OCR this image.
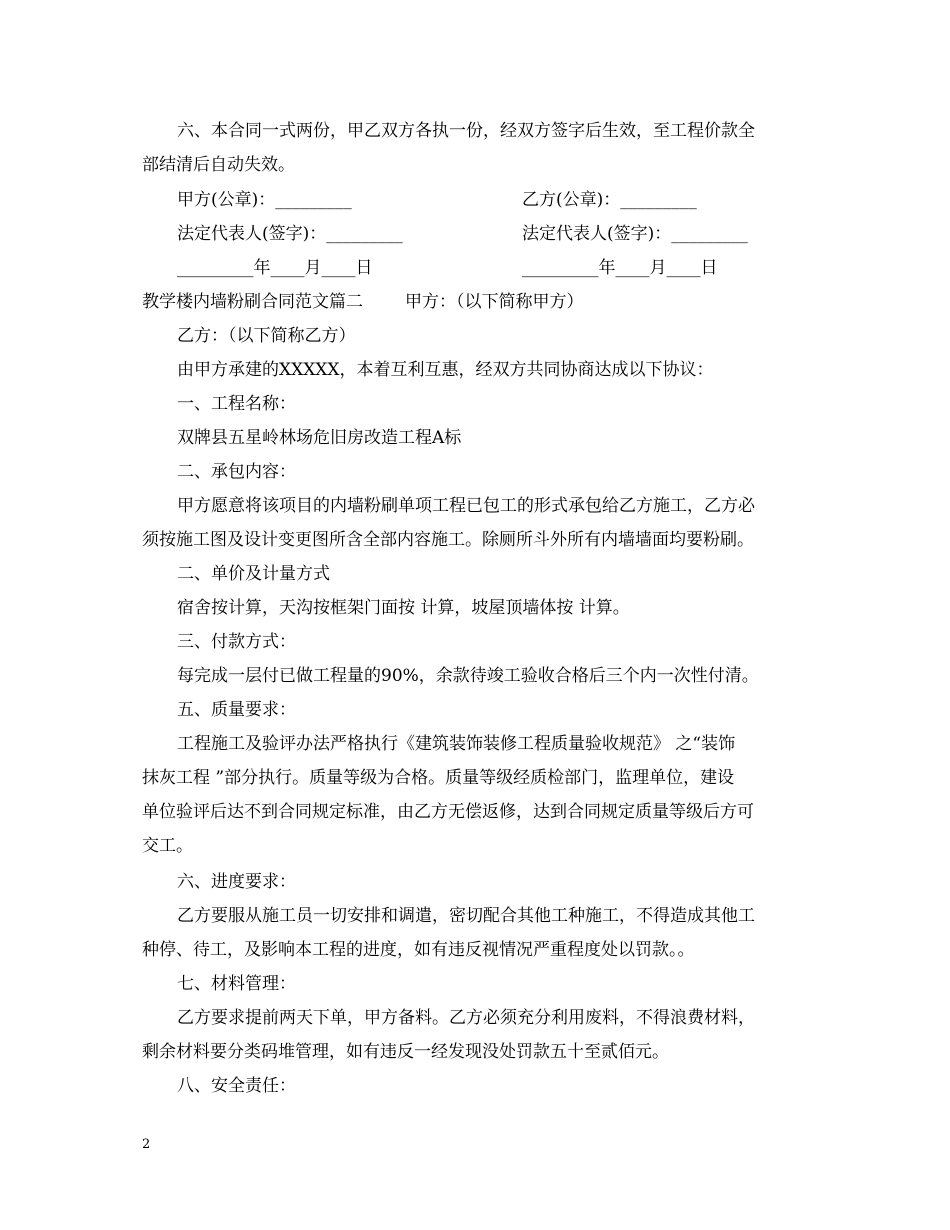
六、本合同一式两份，甲乙双方各执一份，经双方签字后生效，至工程价款全
部结清后自动失效。
甲方(公章)：_________	乙方(公章)：_________
法定代表人(签字)：_________	法定代表人(签字)：_________
_________年____月____日	_________年____月____日
教学楼内墙粉刷合同范文篇二 甲方：（以下简称甲方）
乙方：（以下简称乙方）
由甲方承建的XXXXX，本着互利互惠，经双方共同协商达成以下协议：
一、工程名称：
双牌县五星岭林场危旧房改造工程A标
二、承包内容：
甲方愿意将该项目的内墙粉刷单项工程已包工的形式承包给乙方施工，乙方必
须按施工图及设计变更图所含全部内容施工。除厕所斗外所有内墙墙面均要粉刷。
二、单价及计量方式
宿舍按计算，天沟按框架门面按 计算，坡屋顶墙体按 计算。
三、付款方式：
每完成一层付已做工程量的90%，余款待竣工验收合格后三个内一次性付清。
五、质量要求：
工程施工及验评办法严格执行《建筑装饰装修工程质量验收规范》 之“装饰
抹灰工程 ”部分执行。质量等级为合格。质量等级经质检部门，监理单位，建设
单位验评后达不到合同规定标准，由乙方无偿返修，达到合同规定质量等级后方可
交工。
六、进度要求：
乙方要服从施工员一切安排和调遣，密切配合其他工种施工，不得造成其他工
种停、待工，及影响本工程的进度，如有违反视情况严重程度处以罚款。。
七、材料管理：
乙方要求提前两天下单，甲方备料。乙方必须充分利用废料，不得浪费材料，
剩余材料要分类码堆管理，如有违反一经发现没处罚款五十至贰佰元。
八、安全责任：
2
